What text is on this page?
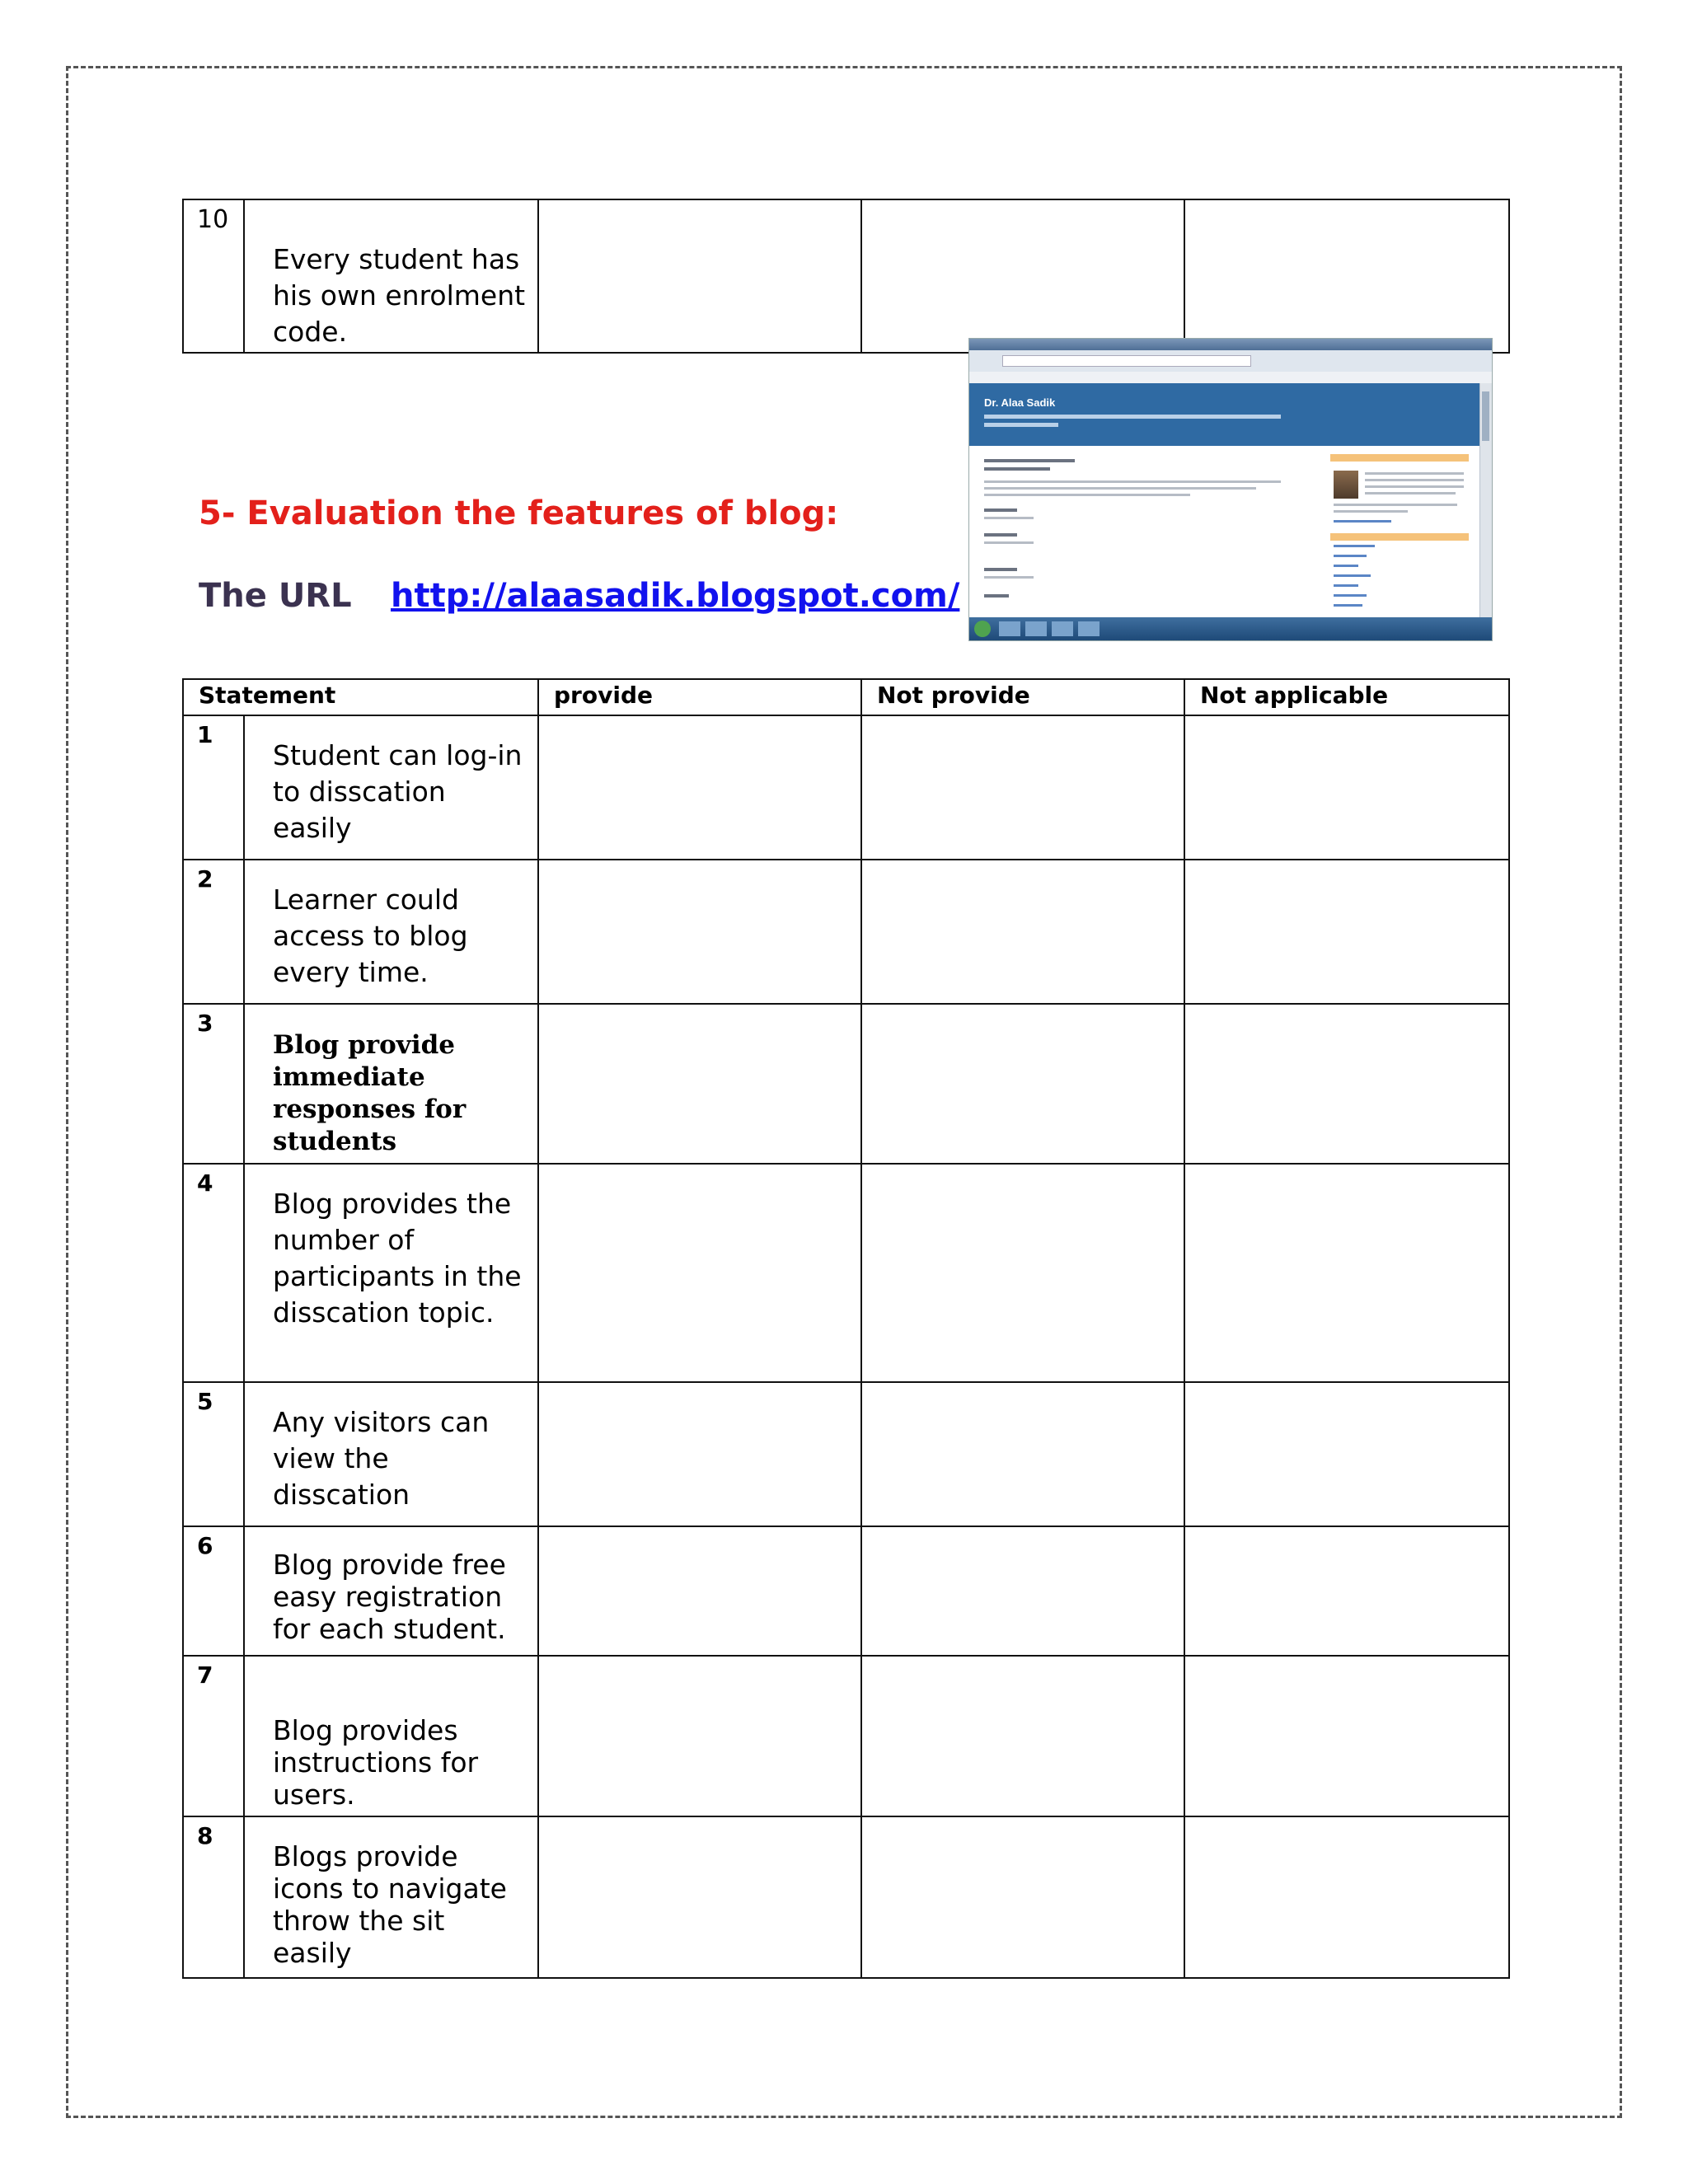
10	Every student has his own enrolment code.			
Dr. Alaa Sadik
5- Evaluation the features of blog:
The URL http://alaasadik.blogspot.com/
Statement		provide	Not provide	Not applicable
1	Student can log-in to disscation easily			
2	Learner could access to blog every time.			
3	Blog provide immediate responses for students			
4	Blog provides the number of participants in the disscation topic.			
5	Any visitors can view the disscation			
6	Blog provide free easy registration for each student.			
7	Blog provides instructions for users.			
8	Blogs provide icons to navigate throw the sit easily			
